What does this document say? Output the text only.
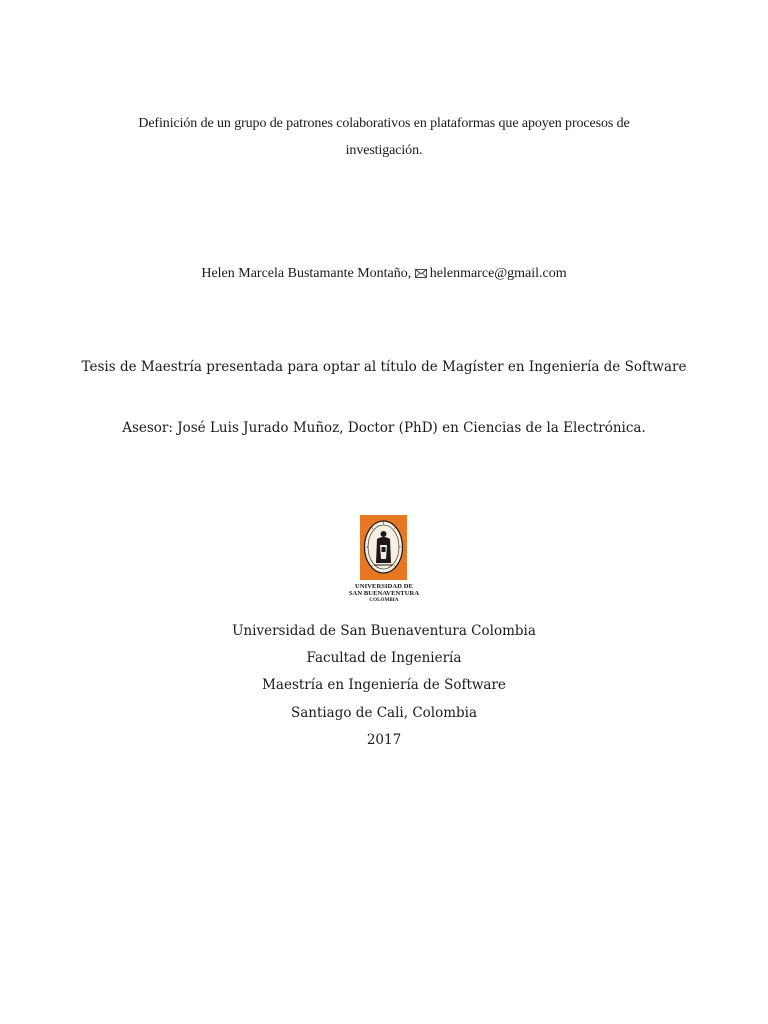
Definición de un grupo de patrones colaborativos en plataformas que apoyen procesos de
investigación.
Helen Marcela Bustamante Montaño, helenmarce@gmail.com
Tesis de Maestría presentada para optar al título de Magíster en Ingeniería de Software
Asesor: José Luis Jurado Muñoz, Doctor (PhD) en Ciencias de la Electrónica.
UNIVERSIDAD DE
SAN BUENAVENTURA
COLOMBIA
Universidad de San Buenaventura Colombia
Facultad de Ingeniería
Maestría en Ingeniería de Software
Santiago de Cali, Colombia
2017
